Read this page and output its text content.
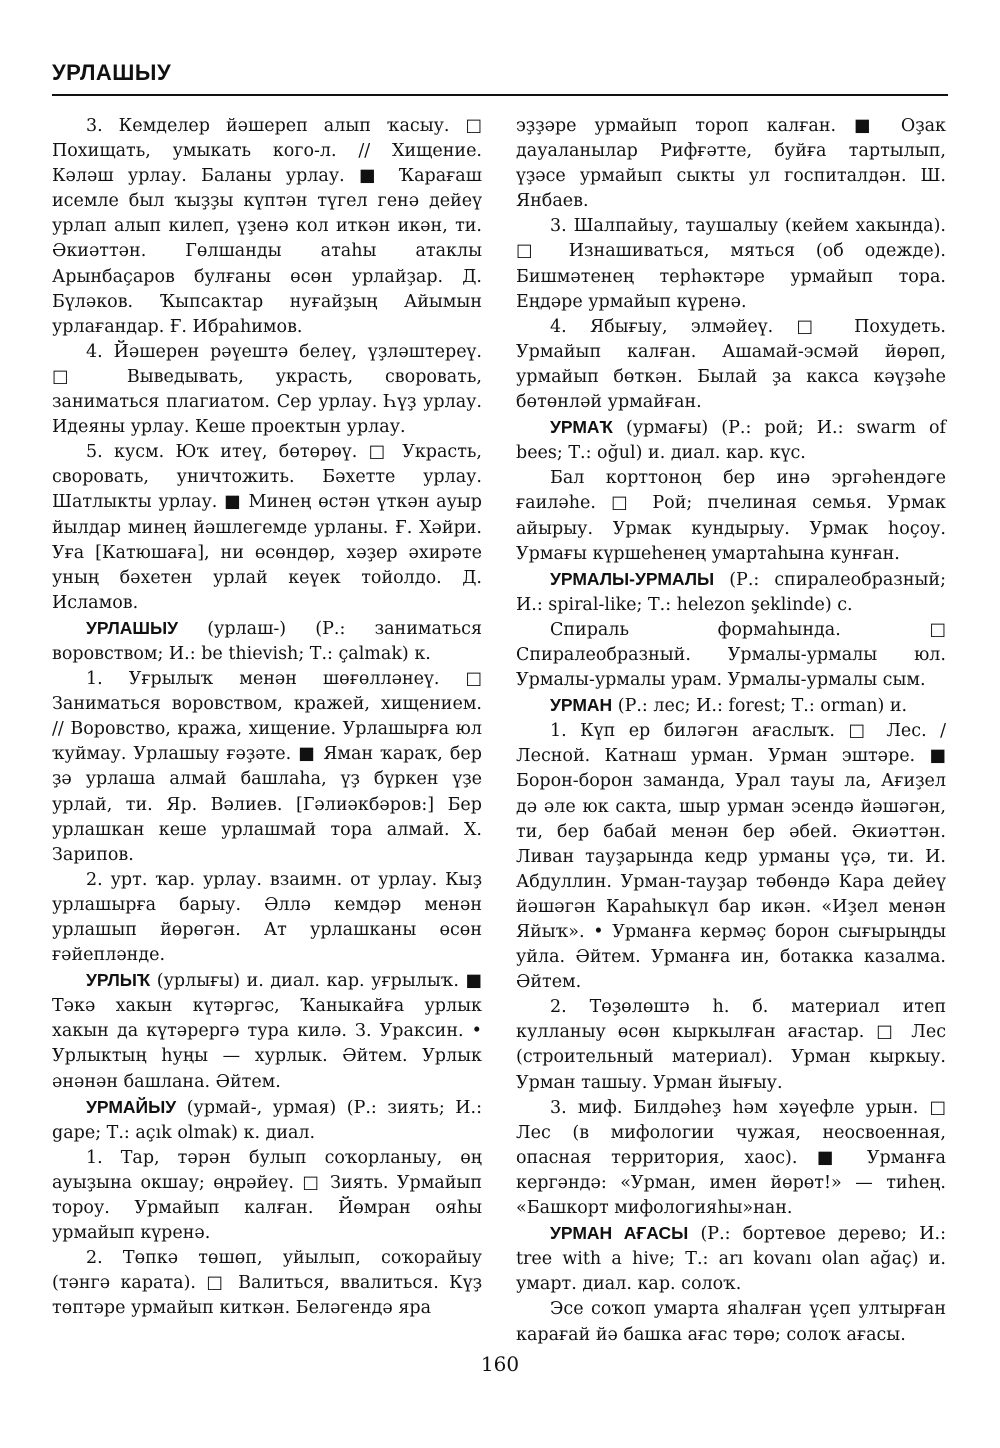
УРЛАШЫУ

3. Кемделер йәшереп алып ҡасыу. □ Похищать, умыкать кого-л. // Хищение. Кәләш урлау. Баланы урлау. ■ Ҡарағаш исемле был ҡыҙҙы күптән түгел генә дейеү урлап алып килеп, үҙенә кол иткән икән, ти. Әкиәттән. Гөлшанды атаһы атаклы Арынбаҫаров булғаны өсөн урлайҙар. Д. Бүләков. Ҡыпсактар нуғайҙың Айымын урлағандар. Ғ. Ибраһимов.

4. Йәшерен рәүештә белеү, үҙләштереү. □ Выведывать, украсть, своровать, заниматься плагиатом. Сер урлау. Һүҙ урлау. Идеяны урлау. Кеше проектын урлау.

5. кусм. Юҡ итеү, бөтөрөү. □ Украсть, своровать, уничтожить. Бәхетте урлау. Шатлыкты урлау. ■ Минең өстән үткән ауыр йылдар минең йәшлегемде урланы. Ғ. Хәйри. Уға [Катюшаға], ни өсөндөр, хәҙер әхирәте уның бәхетен урлай кеүек тойолдо. Д. Исламов.

УРЛАШЫУ (урлаш-) (Р.: заниматься воровством; И.: be thievish; Т.: çalmak) к.

1. Уғрылыҡ менән шөғөлләнеү. □ Заниматься воровством, кражей, хищением. // Воровство, кража, хищение. Урлашырға юл ҡуймау. Урлашыу ғәҙәте. ■ Яман ҡараҡ, бер ҙә урлаша алмай башлаһа, үҙ бүркен үҙе урлай, ти. Яр. Вәлиев. [Гәлиәкбәров:] Бер урлашкан кеше урлашмай тора алмай. Х. Зарипов.

2. урт. ҡар. урлау. взаимн. от урлау. Кыҙ урлашырға барыу. Әллә кемдәр менән урлашып йөрөгән. Ат урлашканы өсөн ғәйепләнде.

УРЛЫҠ (урлығы) и. диал. кар. уғрылыҡ. ■ Тәкә хакын күтәргәс, Ҡаныкайға урлык хакын да күтәрергә тура килә. З. Ураксин. • Урлыктың һуңы — хурлык. Әйтем. Урлык әнәнән башлана. Әйтем.

УРМАЙЫУ (урмай-, урмая) (Р.: зиять; И.: gape; Т.: açık olmak) к. диал.

1. Тар, тәрән булып соҡорланыу, өң ауыҙына окшау; өңрәйеү. □ Зиять. Урмайып тороу. Урмайып калған. Йөмран ояһы урмайып күренә.

2. Төпкә төшөп, уйылып, соҡорайыу (тәнгә карата). □ Валиться, ввалиться. Күҙ төптәре урмайып киткән. Беләгендә яра

эҙҙәре урмайып тороп калған. ■ Оҙак дауаланылар Рифғәтте, буйға тартылып, үҙәсе урмайып сыкты ул госпиталдән. Ш. Янбаев.

3. Шалпайыу, таушалыу (кейем хакында). □ Изнашиваться, мяться (об одежде). Бишмәтенең терһәктәре урмайып тора. Еңдәре урмайып күренә.

4. Ябығыу, элмәйеү. □ Похудеть. Урмайып калған. Ашамай-эсмәй йөрөп, урмайып бөткән. Былай ҙа каксa кәүҙәһе бөтөнләй урмайған.

УРМАҠ (урмағы) (Р.: рой; И.: swarm of bees; Т.: oğul) и. диал. кар. күс.

Бал корттоноң бер инә эргәһендәге ғаиләһе. □ Рой; пчелиная семья. Урмак айырыу. Урмак кундырыу. Урмак һоҫоу. Урмағы күршеһенең умартаһына кунған.

УРМАЛЫ-УРМАЛЫ (Р.: спиралеобразный; И.: spiral-like; Т.: helezon şeklinde) с.

Спираль формаһында. □ Спиралеобразный. Урмалы-урмалы юл. Урмалы-урмалы урам. Урмалы-урмалы сым.

УРМАН (Р.: лес; И.: forest; Т.: orman) и.

1. Күп ер биләгән ағаслыҡ. □ Лес. / Лесной. Катнаш урман. Урман эштәре. ■ Борон-борон заманда, Урал тауы ла, Ағиҙел дә әле юк сакта, шыр урман эсендә йәшәгән, ти, бер бабай менән бер әбей. Әкиәттән. Ливан тауҙарында кедр урманы үҫә, ти. И. Абдуллин. Урман-тауҙар төбөндә Кара дейеү йәшәгән Карaһыкүл бар икән. «Иҙел менән Яйыҡ». • Урманға кермәҫ борон сығырыңды уйла. Әйтем. Урманға ин, ботакка казалма. Әйтем.

2. Төҙөлөштә һ. б. материал итеп кулланыу өсөн кыркылған ағастар. □ Лес (строительный материал). Урман кыркыу. Урман ташыу. Урман йығыу.

3. миф. Билдәһеҙ һәм хәүефле урын. □ Лес (в мифологии чужая, неосвоенная, опасная территория, хаос). ■ Урманға кергәндә: «Урман, имен йөрөт!» — тиһең. «Башкорт мифологияһы»нан.

УРМАН АҒАСЫ (Р.: бортевое дерево; И.: tree with a hive; Т.: arı kovanı olan ağaç) и. умарт. диал. кар. солоҡ.

Эсе соҡоп умарта яһалған үҫеп ултырған карағай йә башка ағас төрө; солоҡ ағасы.

160
